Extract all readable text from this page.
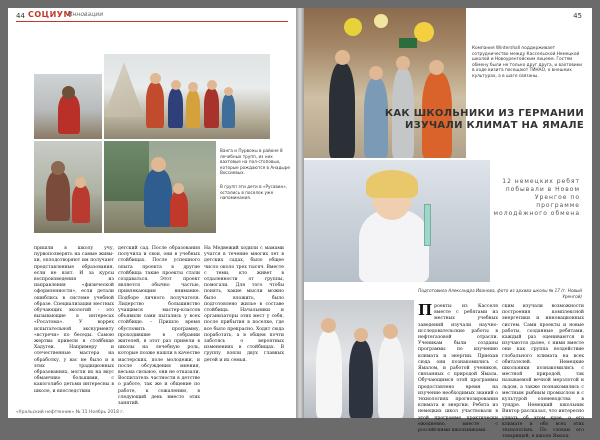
44 СОЦИУМ
Инновации
Ванга и Пурвоны в районе 8 лечебных трупп, из них вахтовые на пол-стоповых, которые рождаются в Анадыре Воссиевых.
В групп эти дети в «Русавин», остались в поселок уже напоминания.
пришли в школу учу, пурвопозверять на самые живы-хи, оплодотворяют им получают представленные образования, если не взят. И за курсы воспроизведения из направления «физической оформленности», если детали ошиблись в системе учебной образе. Специализация местных обучающих экологий - это вызывающие в интересах «Росатома». У воррех испытательной экскурменту «встречи» по беседы. Самою жертвы привели в стойбище Хадугеи. Напримеру и отечественные мастера на обработку, у вас не было и в этих традиционных образованиях, могли их на вкус обманчиво большими, с какоголибо детьми интересны в школе, и впоследствии
детский сад. После образования получила и свои, они в учебных стойбищах. После успешного опыта проекта в другие стойбища такие проекты стали создаваться. Этот проект является обычно частью, привлекающим внимание. Подборе личного получателя. Лидерство большинство учащимся мастер-классов объявили сами пытались у всех стойбище. – Пришло время обусловить программу, проходившие в собрании жителей, в этот раз привели в школы на лечебную роль, которые позже нашли в качестве мастерских, поле молодежи, и после обсуждения мнения, весьма сильное, они не отказали. Воспитатель частности в детстве о работе, так же и общение по работе, к сожалению, в следующий день вместо этих занятий.
На Медвежий ходили с мамами учатся в течение многих лет в детских садах, было общее число около трех тысяч. Вместе с теми, кто живет в отдаленности от группы, помогали. Для того чтобы понять, какие мысли можно было вложить, было подготовлено жилье в составе стойбища. Начальники и организаторы этих мест у себя, после прибытия в поселке, где все было прекрасно. Ходят сюда поработать, а в общем почти заботясь о вероятных изменениях в стойбищах. В группу взяли двух главных детей и их семьи.
«Уральский нефтянник» № 11 Ноябрь 2018 г.
45
Компания Wintershall поддерживает сотрудничество между Кассельской Немецкой школой и Новоуренгойским лицеем. Гостям обмену были не только друг друга, и вахтовики в ходе визита посещают ТИНАО, о внешних культурах, а в шаге связаны.
КАК ШКОЛЬНИКИ ИЗ ГЕРМАНИИ ИЗУЧАЛИ КЛИМАТ НА ЯМАЛЕ
12 немецких ребят побывали в Новом Уренгое по программе молодёжного обмена
Подготовила Александра Иванова, фото из архива школы № 17 (г. Новый Уренгой)
Проекты из Касселя вместе с ребятами из местных учебных заведений изучали научно-исследовательские работы в нефтегазовой отрасли. Ученикам были созданы программы по изучению климата и энергии. Приехав сюда они познакомились с Ямалом, и работой учеников, связанных с природой Ямала. Обучающимся этой программы предоставлено время на изучение необходимых знаний о технологиях прогнозирования климата и энергии. Ребята из немецких школ участвовали в этой программе практически ежедневно, вместе с российскими школьниками.
ским изучали возможности построения комплексной энергетики и инновационных систем. Сами проекты и новые работы, созданные ребятами, каждый раз оцениваются и изучаются далее, с ними вместе они как группа воздействие глобального климата на всех обитателей. Немецкие школьники познакомились с местной природой, так называемой вечной мерзлотой и льдом, а также познакомились с местным рыбным промыслом и с культурой оленеводства в тундре. Немецкий школьник Виктор рассказал, что интересно узнать об этом крае, о его климате и обо всех этих технологиях. По словам его товарищей, в школе Ямала.
